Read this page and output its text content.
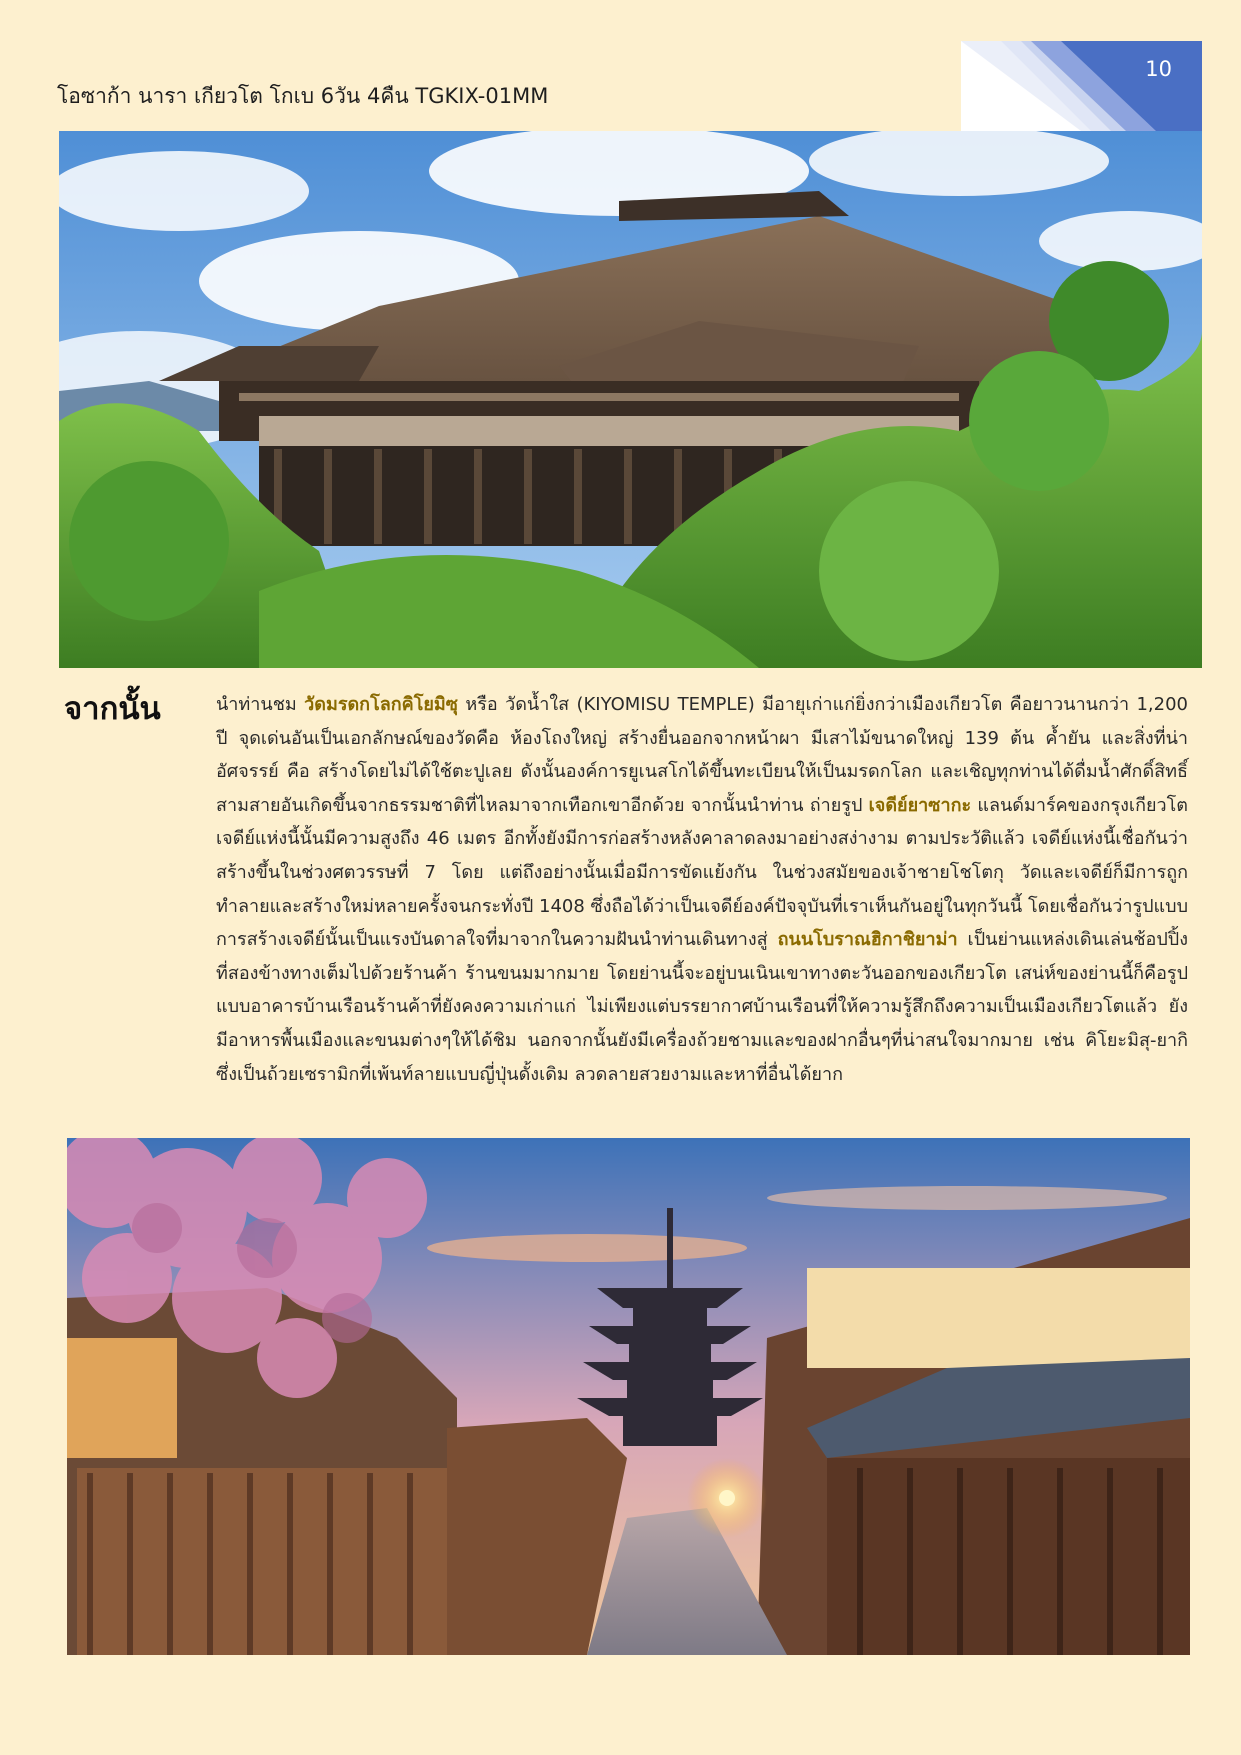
โอซาก้า นารา เกียวโต โกเบ 6วัน 4คืน TGKIX-01MM
10
จากนั้น	นำท่านชม วัดมรดกโลกคิโยมิซุ หรือ วัดน้ำใส (KIYOMISU TEMPLE) มีอายุเก่าแก่ยิ่งกว่าเมืองเกียวโต คือยาวนานกว่า 1,200 ปี จุดเด่นอันเป็นเอกลักษณ์ของวัดคือ ห้องโถงใหญ่ สร้างยื่นออกจากหน้าผา มีเสาไม้ขนาดใหญ่ 139 ต้น ค้ำยัน และสิ่งที่น่าอัศจรรย์ คือ สร้างโดยไม่ได้ใช้ตะปูเลย ดังนั้นองค์การยูเนสโกได้ขึ้นทะเบียนให้เป็นมรดกโลก และเชิญทุกท่านได้ดื่มน้ำศักดิ์สิทธิ์สามสายอันเกิดขึ้นจากธรรมชาติที่ไหลมาจากเทือกเขาอีกด้วย จากนั้นนำท่าน ถ่ายรูป เจดีย์ยาซากะ แลนด์มาร์คของกรุงเกียวโต เจดีย์แห่งนี้นั้นมีความสูงถึง 46 เมตร อีกทั้งยังมีการก่อสร้างหลังคาลาดลงมาอย่างสง่างาม ตามประวัติแล้ว เจดีย์แห่งนี้เชื่อกันว่าสร้างขึ้นในช่วงศตวรรษที่ 7 โดย แต่ถึงอย่างนั้นเมื่อมีการขัดแย้งกัน ในช่วงสมัยของเจ้าชายโชโตกุ วัดและเจดีย์ก็มีการถูกทำลายและสร้างใหม่หลายครั้งจนกระทั่งปี 1408 ซึ่งถือได้ว่าเป็นเจดีย์องค์ปัจจุบันที่เราเห็นกันอยู่ในทุกวันนี้ โดยเชื่อกันว่ารูปแบบการสร้างเจดีย์นั้นเป็นแรงบันดาลใจที่มาจากในความฝันนำท่านเดินทางสู่ ถนนโบราณฮิกาชิยาม่า เป็นย่านแหล่งเดินเล่นช้อปปิ้งที่สองข้างทางเต็มไปด้วยร้านค้า ร้านขนมมากมาย โดยย่านนี้จะอยู่บนเนินเขาทางตะวันออกของเกียวโต เสน่ห์ของย่านนี้ก็คือรูปแบบอาคารบ้านเรือนร้านค้าที่ยังคงความเก่าแก่ ไม่เพียงแต่บรรยากาศบ้านเรือนที่ให้ความรู้สึกถึงความเป็นเมืองเกียวโตแล้ว ยังมีอาหารพื้นเมืองและขนมต่างๆให้ได้ชิม นอกจากนั้นยังมีเครื่องถ้วยชามและของฝากอื่นๆที่น่าสนใจมากมาย เช่น คิโยะมิสุ-ยากิ ซึ่งเป็นถ้วยเซรามิกที่เพ้นท์ลายแบบญี่ปุ่นดั้งเดิม ลวดลายสวยงามและหาที่อื่นได้ยาก
